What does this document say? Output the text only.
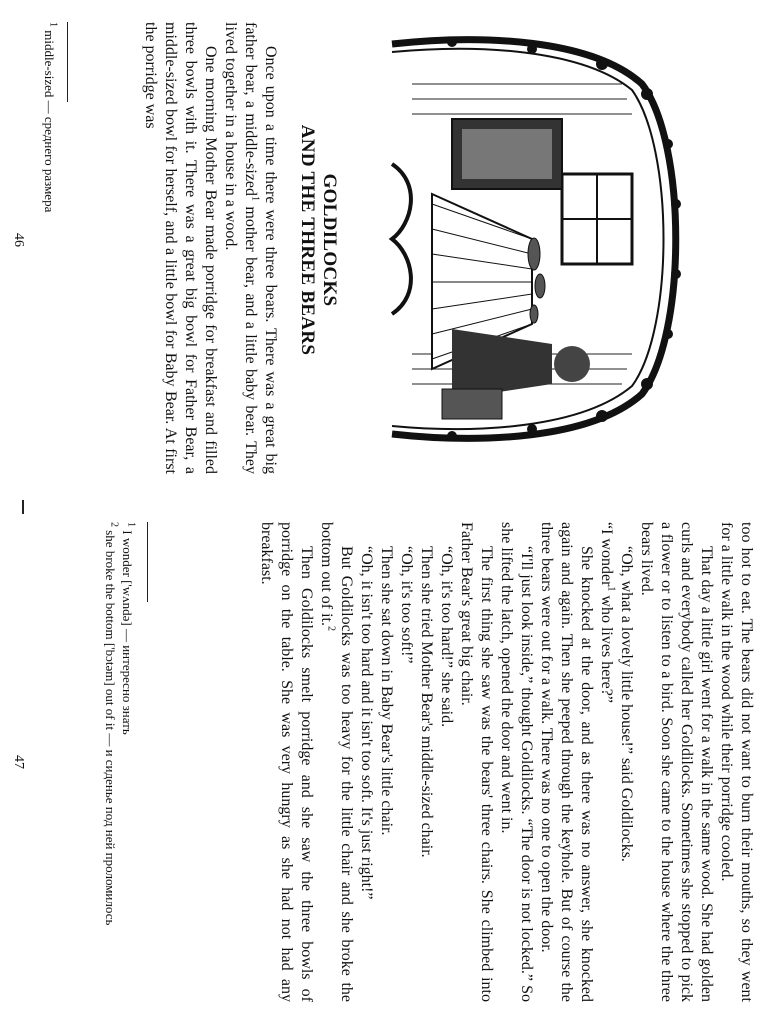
GOLDILOCKS
AND THE THREE BEARS

Once upon a time there were three bears. There was a great big father bear, a middle-sized$^1$ mother bear, and a little baby bear. They lived together in a house in a wood.

One morning Mother Bear made porridge for breakfast and filled three bowls with it. There was a great big bowl for Father Bear, a middle-sized bowl for herself, and a little bowl for Baby Bear. At first the porridge was

$^1$ middle-sized — среднего размера

46

too hot to eat. The bears did not want to burn their mouths, so they went for a little walk in the wood while their porridge cooled.

That day a little girl went for a walk in the same wood. She had golden curls and everybody called her Goldilocks. Sometimes she stopped to pick a flower or to listen to a bird. Soon she came to the house where the three bears lived.

“Oh, what a lovely little house!” said Goldilocks.

“I wonder$^1$ who lives here?”

She knocked at the door, and as there was no answer, she knocked again and again. Then she peeped through the keyhole. But of course the three bears were out for a walk. There was no one to open the door.

“I'll just look inside,” thought Goldilocks. “The door is not locked.” So she lifted the latch, opened the door and went in.

The first thing she saw was the bears' three chairs. She climbed into Father Bear's great big chair.

“Oh, it's too hard!” she said.

Then she tried Mother Bear's middle-sized chair.

“Oh, it's too soft!”

Then she sat down in Baby Bear's little chair.

“Oh, it isn't too hard and it isn't too soft. It's just right!”

But Goldilocks was too heavy for the little chair and she broke the bottom out of it.$^2$

Then Goldilocks smelt porridge and she saw the three bowls of porridge on the table. She was very hungry as she had not had any breakfast.

$^1$ I wonder ['wʌndə] — интересно знать

$^2$ she broke the bottom ['bɔtəm] out of it — и сиденье под ней проломилось

47
